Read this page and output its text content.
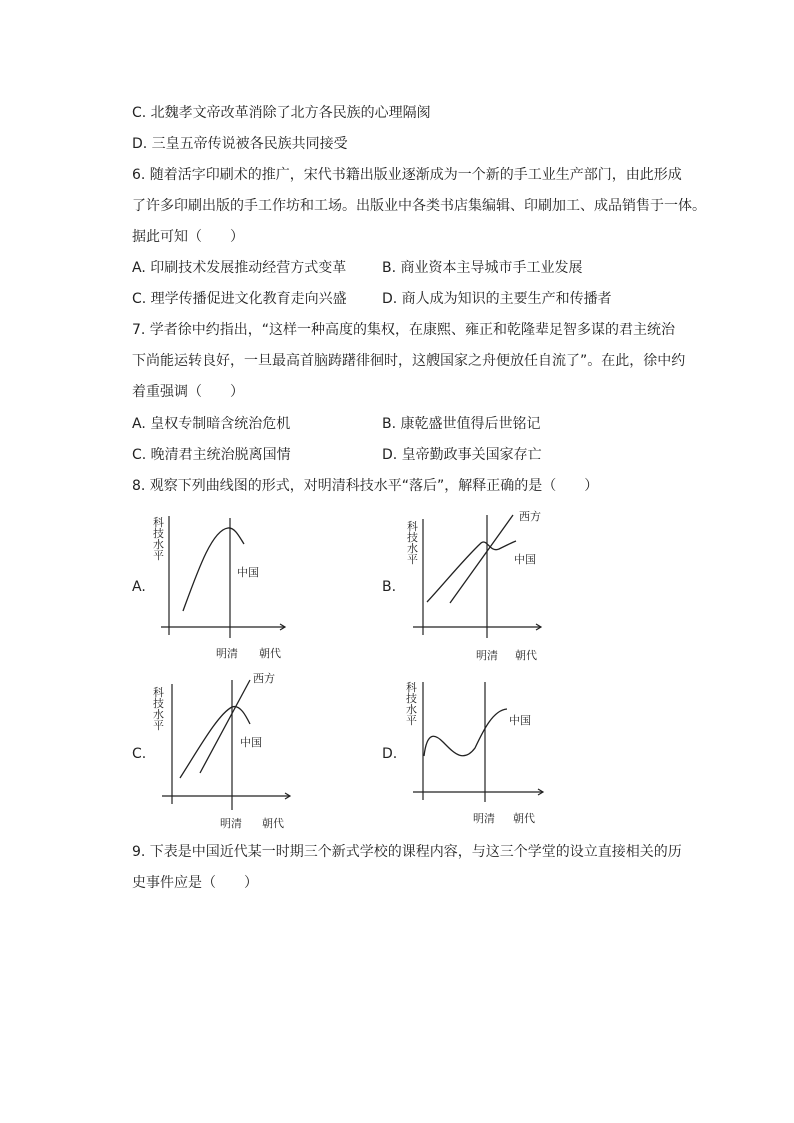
C. 北魏孝文帝改革消除了北方各民族的心理隔阂
D. 三皇五帝传说被各民族共同接受
6. 随着活字印刷术的推广，宋代书籍出版业逐渐成为一个新的手工业生产部门，由此形成
了许多印刷出版的手工作坊和工场。出版业中各类书店集编辑、印刷加工、成品销售于一体。
据此可知（　　）
A. 印刷技术发展推动经营方式变革	B. 商业资本主导城市手工业发展
C. 理学传播促进文化教育走向兴盛	D. 商人成为知识的主要生产和传播者
7. 学者徐中约指出，“这样一种高度的集权，在康熙、雍正和乾隆辈足智多谋的君主统治
下尚能运转良好，一旦最高首脑踌躇徘徊时，这艘国家之舟便放任自流了”。在此，徐中约
着重强调（　　）
A. 皇权专制暗含统治危机	B. 康乾盛世值得后世铭记
C. 晚清君主统治脱离国情	D. 皇帝勤政事关国家存亡
8. 观察下列曲线图的形式，对明清科技水平“落后”，解释正确的是（　　）
A.
科
技
水
平
中国
明清 朝代
B.
科
技
水
平
西方
中国
明清 朝代
C.
科
技
水
平
西方
中国
明清 朝代
D.
科
技
水
平	中国
明清 朝代
9. 下表是中国近代某一时期三个新式学校的课程内容，与这三个学堂的设立直接相关的历
史事件应是（　　）
